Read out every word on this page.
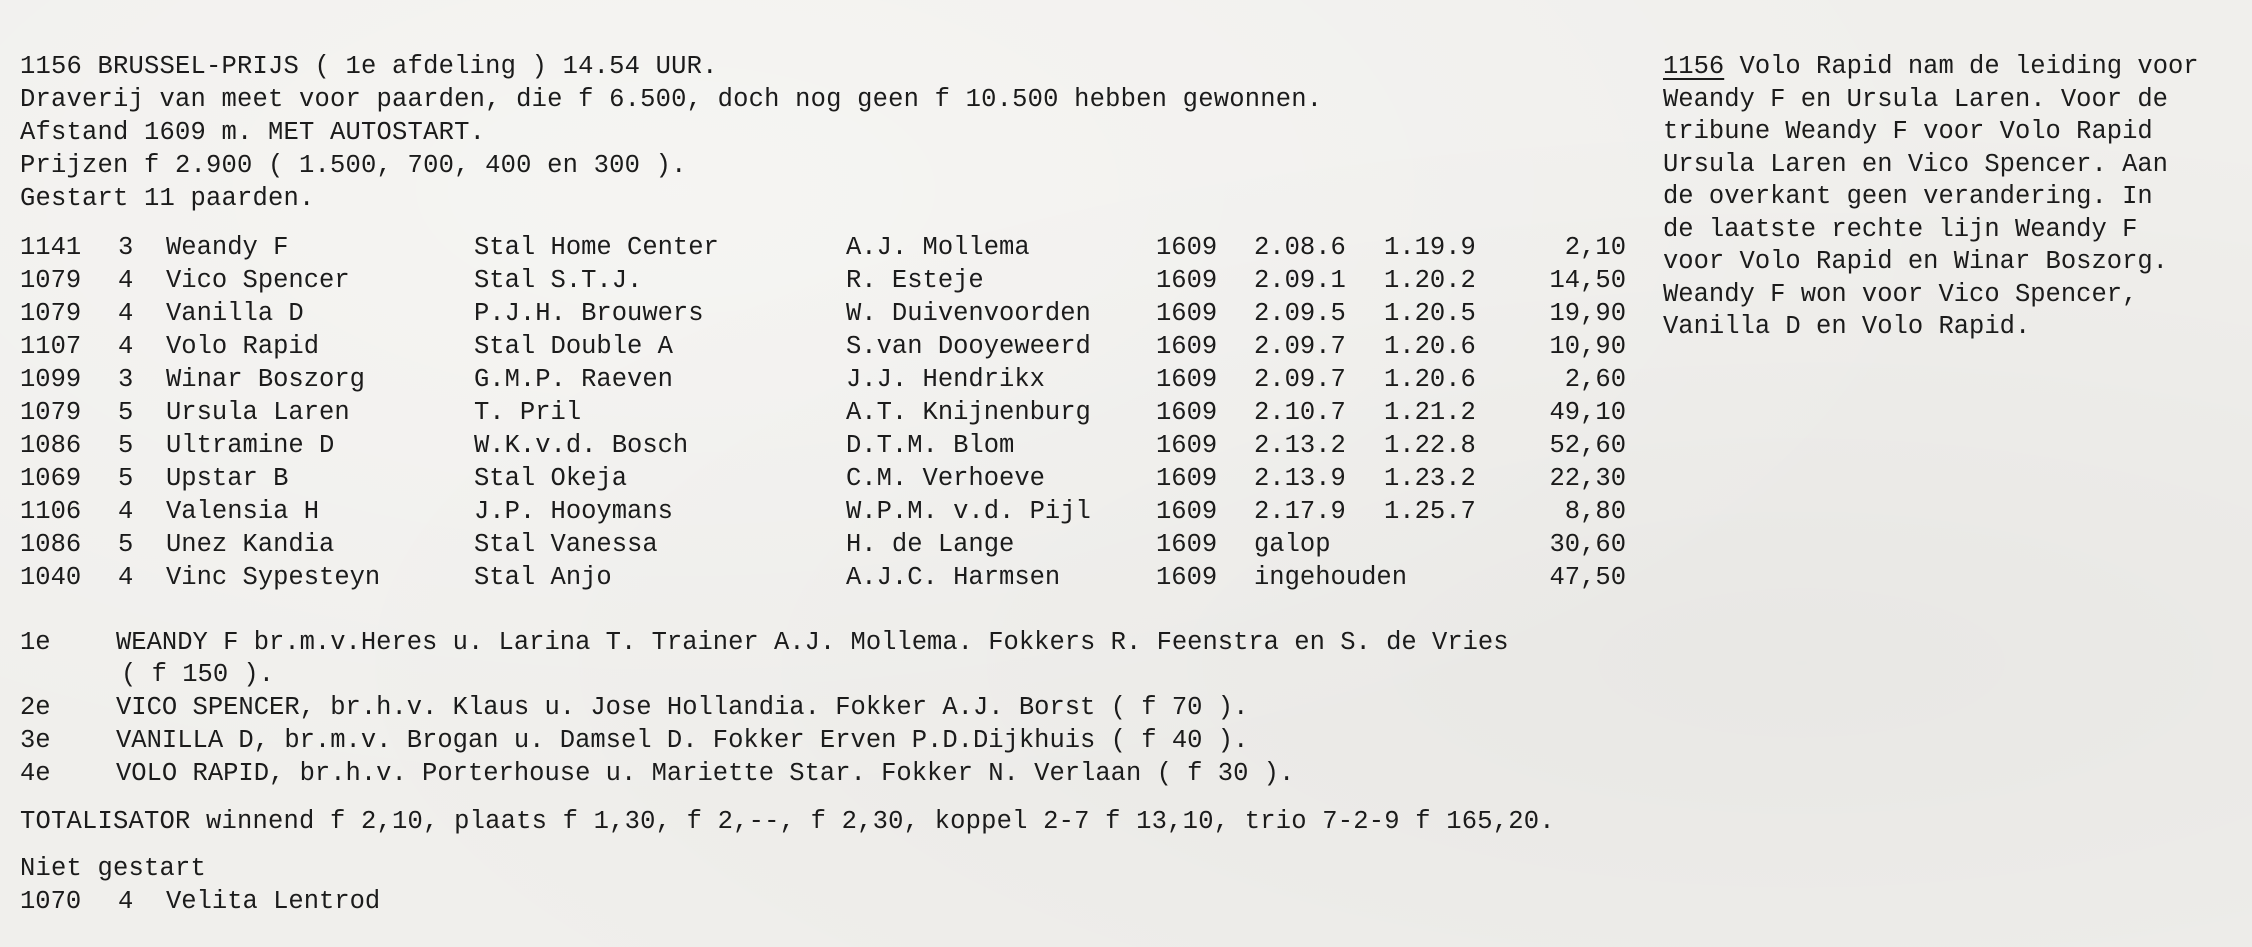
1156 BRUSSEL-PRIJS ( 1e afdeling ) 14.54 UUR.
Draverij van meet voor paarden, die f 6.500, doch nog geen f 10.500 hebben gewonnen.
Afstand 1609 m. MET AUTOSTART.
Prijzen f 2.900 ( 1.500, 700, 400 en 300 ).
Gestart 11 paarden.
1141 3 Weandy F	Stal Home Center	A.J. Mollema	1609 2.08.6 1.19.9	2,10
1079 4 Vico Spencer	Stal S.T.J.	R. Esteje	1609 2.09.1 1.20.2	14,50
1079 4 Vanilla D	P.J.H. Brouwers	W. Duivenvoorden	1609 2.09.5 1.20.5	19,90
1107 4 Volo Rapid	Stal Double A	S.van Dooyeweerd	1609 2.09.7 1.20.6	10,90
1099 3 Winar Boszorg	G.M.P. Raeven	J.J. Hendrikx	1609 2.09.7 1.20.6	2,60
1079 5 Ursula Laren	T. Pril	A.T. Knijnenburg	1609 2.10.7 1.21.2	49,10
1086 5 Ultramine D	W.K.v.d. Bosch	D.T.M. Blom	1609 2.13.2 1.22.8	52,60
1069 5 Upstar B	Stal Okeja	C.M. Verhoeve	1609 2.13.9 1.23.2	22,30
1106 4 Valensia H	J.P. Hooymans	W.P.M. v.d. Pijl	1609 2.17.9 1.25.7	8,80
1086 5 Unez Kandia	Stal Vanessa	H. de Lange	1609 galop	30,60
1040 4 Vinc Sypesteyn	Stal Anjo	A.J.C. Harmsen	1609 ingehouden	47,50
1e	WEANDY F br.m.v.Heres u. Larina T. Trainer A.J. Mollema. Fokkers R. Feenstra en S. de Vries
( f 150 ).
2e	VICO SPENCER, br.h.v. Klaus u. Jose Hollandia. Fokker A.J. Borst ( f 70 ).
3e	VANILLA D, br.m.v. Brogan u. Damsel D. Fokker Erven P.D.Dijkhuis ( f 40 ).
4e	VOLO RAPID, br.h.v. Porterhouse u. Mariette Star. Fokker N. Verlaan ( f 30 ).
TOTALISATOR winnend f 2,10, plaats f 1,30, f 2,--, f 2,30, koppel 2-7 f 13,10, trio 7-2-9 f 165,20.
Niet gestart
1070 4 Velita Lentrod
1156 Volo Rapid nam de leiding voor
Weandy F en Ursula Laren. Voor de
tribune Weandy F voor Volo Rapid
Ursula Laren en Vico Spencer. Aan
de overkant geen verandering. In
de laatste rechte lijn Weandy F
voor Volo Rapid en Winar Boszorg.
Weandy F won voor Vico Spencer,
Vanilla D en Volo Rapid.
